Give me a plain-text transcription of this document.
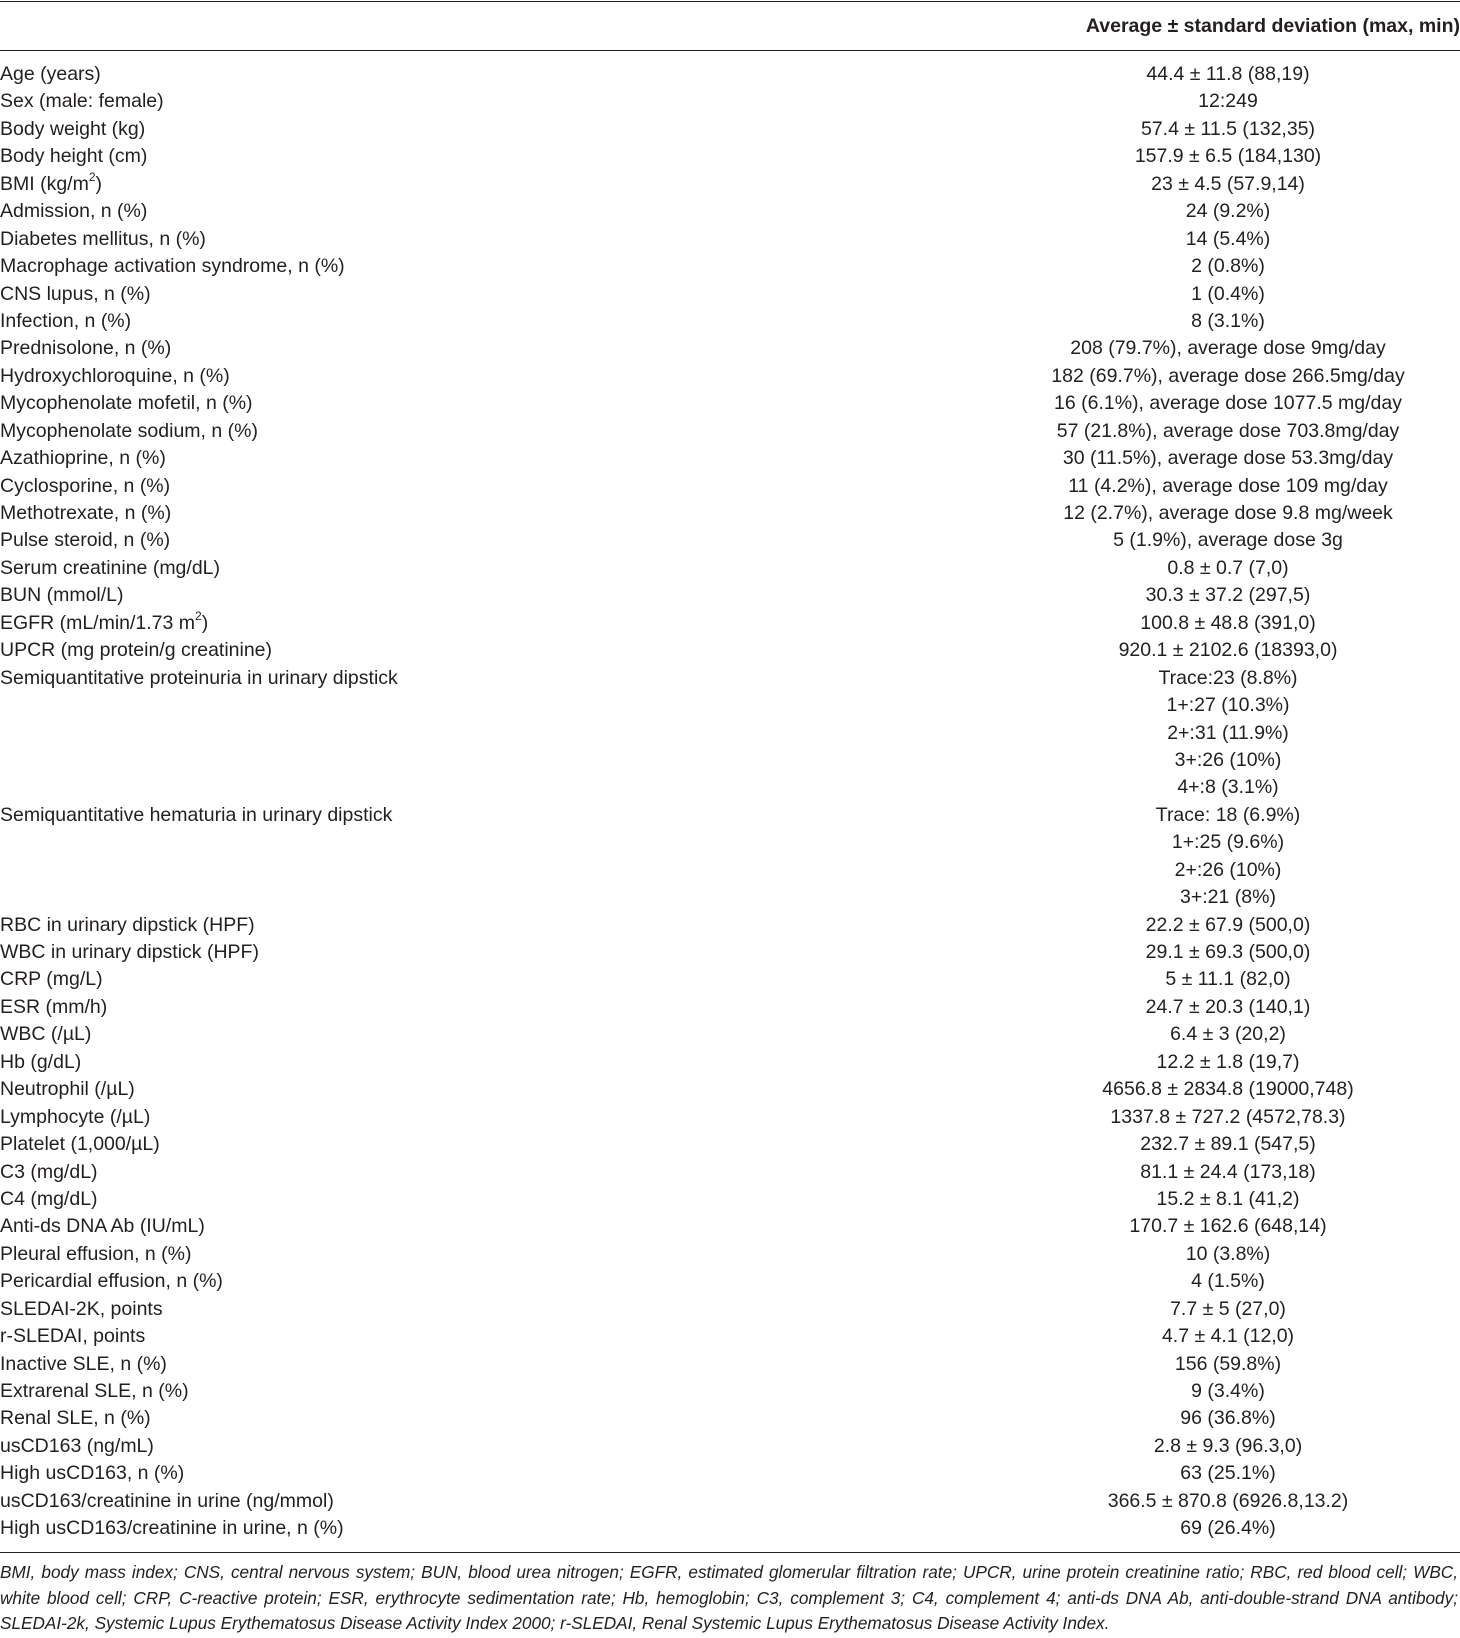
Average ± standard deviation (max, min)
Age (years)	44.4 ± 11.8 (88,19)
Sex (male: female)	12:249
Body weight (kg)	57.4 ± 11.5 (132,35)
Body height (cm)	157.9 ± 6.5 (184,130)
BMI $(kg/m^2)$	23 ± 4.5 (57.9,14)
Admission, n (%)	24 (9.2%)
Diabetes mellitus, n (%)	14 (5.4%)
Macrophage activation syndrome, n (%)	2 (0.8%)
CNS lupus, n (%)	1 (0.4%)
Infection, n (%)	8 (3.1%)
Prednisolone, n (%)	208 (79.7%), average dose 9mg/day
Hydroxychloroquine, n (%)	182 (69.7%), average dose 266.5mg/day
Mycophenolate mofetil, n (%)	16 (6.1%), average dose 1077.5 mg/day
Mycophenolate sodium, n (%)	57 (21.8%), average dose 703.8mg/day
Azathioprine, n (%)	30 (11.5%), average dose 53.3mg/day
Cyclosporine, n (%)	11 (4.2%), average dose 109 mg/day
Methotrexate, n (%)	12 (2.7%), average dose 9.8 mg/week
Pulse steroid, n (%)	5 (1.9%), average dose 3g
Serum creatinine (mg/dL)	0.8 ± 0.7 (7,0)
BUN (mmol/L)	30.3 ± 37.2 (297,5)
EGFR (mL/min/1.73 $m^2$)	100.8 ± 48.8 (391,0)
UPCR (mg protein/g creatinine)	920.1 ± 2102.6 (18393,0)
Semiquantitative proteinuria in urinary dipstick	Trace:23 (8.8%)
	1+:27 (10.3%)
	2+:31 (11.9%)
	3+:26 (10%)
	4+:8 (3.1%)
Semiquantitative hematuria in urinary dipstick	Trace: 18 (6.9%)
	1+:25 (9.6%)
	2+:26 (10%)
	3+:21 (8%)
RBC in urinary dipstick (HPF)	22.2 ± 67.9 (500,0)
WBC in urinary dipstick (HPF)	29.1 ± 69.3 (500,0)
CRP (mg/L)	5 ± 11.1 (82,0)
ESR (mm/h)	24.7 ± 20.3 (140,1)
WBC (/µL)	6.4 ± 3 (20,2)
Hb (g/dL)	12.2 ± 1.8 (19,7)
Neutrophil (/µL)	4656.8 ± 2834.8 (19000,748)
Lymphocyte (/µL)	1337.8 ± 727.2 (4572,78.3)
Platelet (1,000/µL)	232.7 ± 89.1 (547,5)
C3 (mg/dL)	81.1 ± 24.4 (173,18)
C4 (mg/dL)	15.2 ± 8.1 (41,2)
Anti-ds DNA Ab (IU/mL)	170.7 ± 162.6 (648,14)
Pleural effusion, n (%)	10 (3.8%)
Pericardial effusion, n (%)	4 (1.5%)
SLEDAI-2K, points	7.7 ± 5 (27,0)
r-SLEDAI, points	4.7 ± 4.1 (12,0)
Inactive SLE, n (%)	156 (59.8%)
Extrarenal SLE, n (%)	9 (3.4%)
Renal SLE, n (%)	96 (36.8%)
usCD163 (ng/mL)	2.8 ± 9.3 (96.3,0)
High usCD163, n (%)	63 (25.1%)
usCD163/creatinine in urine (ng/mmol)	366.5 ± 870.8 (6926.8,13.2)
High usCD163/creatinine in urine, n (%)	69 (26.4%)
BMI, body mass index; CNS, central nervous system; BUN, blood urea nitrogen; EGFR, estimated glomerular filtration rate; UPCR, urine protein creatinine ratio; RBC, red blood cell; WBC, white blood cell; CRP, C-reactive protein; ESR, erythrocyte sedimentation rate; Hb, hemoglobin; C3, complement 3; C4, complement 4; anti-ds DNA Ab, anti-double-strand DNA antibody; SLEDAI-2k, Systemic Lupus Erythematosus Disease Activity Index 2000; r-SLEDAI, Renal Systemic Lupus Erythematosus Disease Activity Index.
